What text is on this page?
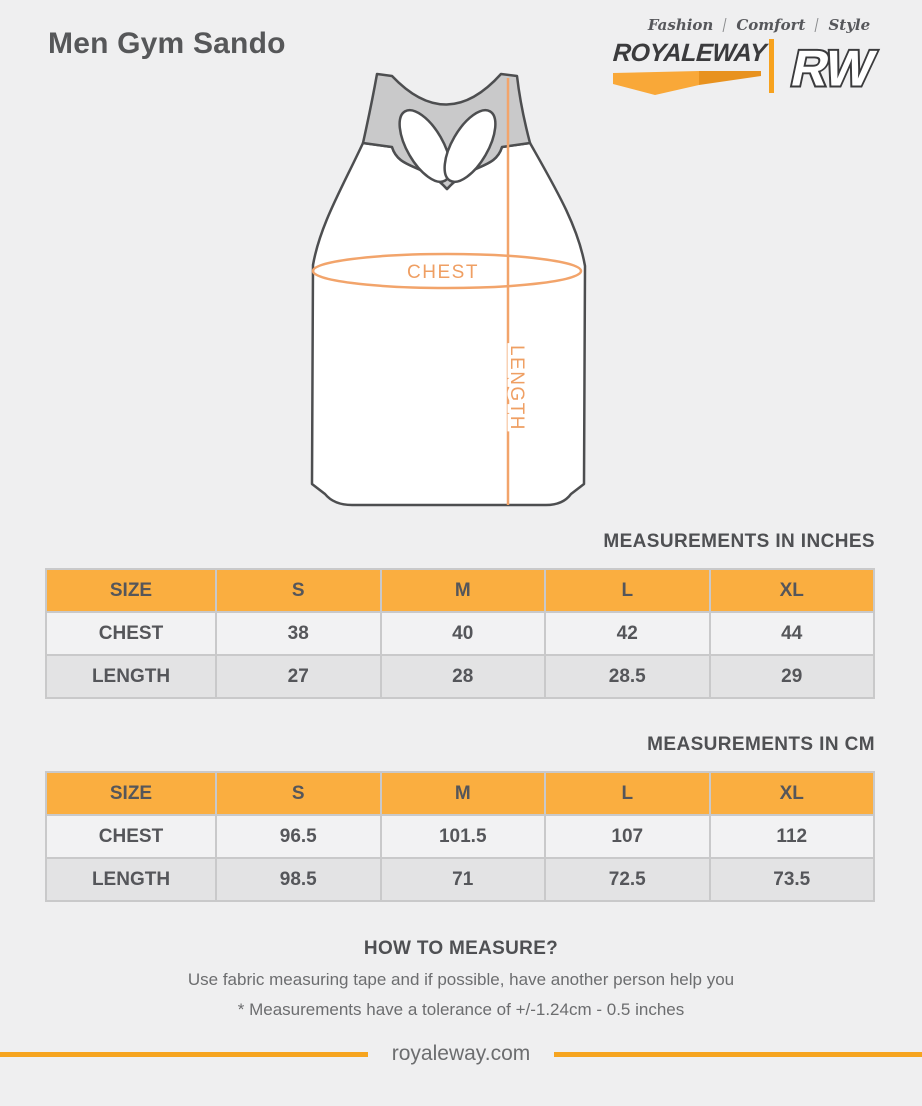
Men Gym Sando
Fashion Comfort Style
ROYALEWAY RW
CHEST
LENGTH
MEASUREMENTS IN INCHES
SIZE	S	M	L	XL
CHEST	38	40	42	44
LENGTH	27	28	28.5	29
MEASUREMENTS IN CM
SIZE	S	M	L	XL
CHEST	96.5	101.5	107	112
LENGTH	98.5	71	72.5	73.5
HOW TO MEASURE?
Use fabric measuring tape and if possible, have another person help you
* Measurements have a tolerance of +/-1.24cm - 0.5 inches
royaleway.com
